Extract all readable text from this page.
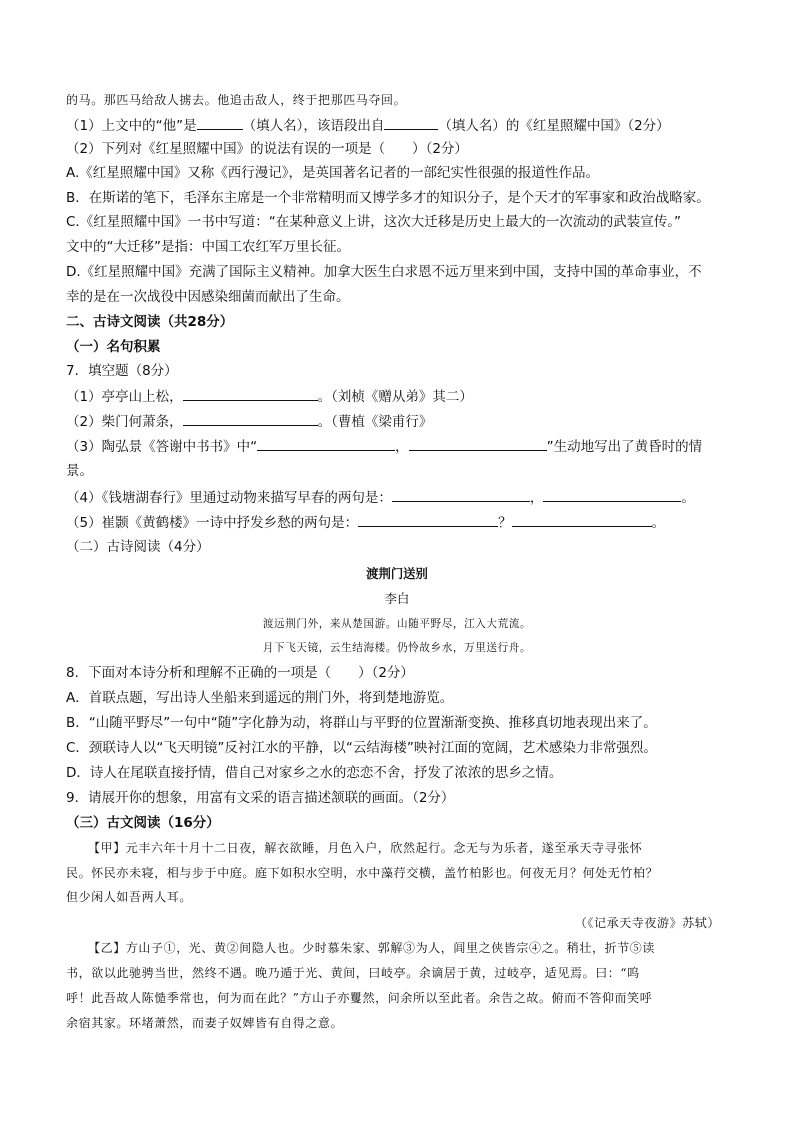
的马。那匹马给敌人掳去。他追击敌人，终于把那匹马夺回。
（1）上文中的“他”是	（填人名），该语段出自	（填人名）的《红星照耀中国》（2分）
（2）下列对《红星照耀中国》的说法有误的一项是（　　）（2分）
A.《红星照耀中国》又称《西行漫记》，是英国著名记者的一部纪实性很强的报道性作品。
B．在斯诺的笔下，毛泽东主席是一个非常精明而又博学多才的知识分子，是个天才的军事家和政治战略家。
C.《红星照耀中国》一书中写道：“在某种意义上讲，这次大迁移是历史上最大的一次流动的武装宣传。”
文中的“大迁移”是指：中国工农红军万里长征。
D.《红星照耀中国》充满了国际主义精神。加拿大医生白求恩不远万里来到中国，支持中国的革命事业，不
幸的是在一次战役中因感染细菌而献出了生命。
二、古诗文阅读（共28分）
（一）名句积累
7．填空题（8分）
（1）亭亭山上松，	。（刘桢《赠从弟》其二）
（2）柴门何萧条，	。（曹植《梁甫行》
（3）陶弘景《答谢中书书》中“	，	”生动地写出了黄昏时的情
景。
（4）《钱塘湖春行》里通过动物来描写早春的两句是：	，	。
（5）崔颢《黄鹤楼》一诗中抒发乡愁的两句是：	？	。
（二）古诗阅读（4分）
渡荆门送别
李白
渡远荆门外，来从楚国游。山随平野尽，江入大荒流。
月下飞天镜，云生结海楼。仍怜故乡水，万里送行舟。
8．下面对本诗分析和理解不正确的一项是（　　）（2分）
A．首联点题，写出诗人坐船来到遥远的荆门外，将到楚地游览。
B．“山随平野尽”一句中“随”字化静为动，将群山与平野的位置渐渐变换、推移真切地表现出来了。
C．颈联诗人以“飞天明镜”反衬江水的平静，以“云结海楼”映衬江面的宽阔，艺术感染力非常强烈。
D．诗人在尾联直接抒情，借自己对家乡之水的恋恋不舍，抒发了浓浓的思乡之情。
9．请展开你的想象，用富有文采的语言描述颔联的画面。（2分）
（三）古文阅读（16分）
【甲】元丰六年十月十二日夜，解衣欲睡，月色入户，欣然起行。念无与为乐者，遂至承天寺寻张怀
民。怀民亦未寝，相与步于中庭。庭下如积水空明，水中藻荇交横，盖竹柏影也。何夜无月？何处无竹柏？
但少闲人如吾两人耳。
（《记承天寺夜游》苏轼）
【乙】方山子①，光、黄②间隐人也。少时慕朱家、郭解③为人，闾里之侠皆宗④之。稍壮，折节⑤读
书，欲以此驰骋当世，然终不遇。晚乃遁于光、黄间，曰岐亭。余谪居于黄，过岐亭，适见焉。曰：“呜
呼！此吾故人陈慥季常也，何为而在此？”方山子亦矍然，问余所以至此者。余告之故。俯而不答仰而笑呼
余宿其家。环堵萧然，而妻子奴婢皆有自得之意。
